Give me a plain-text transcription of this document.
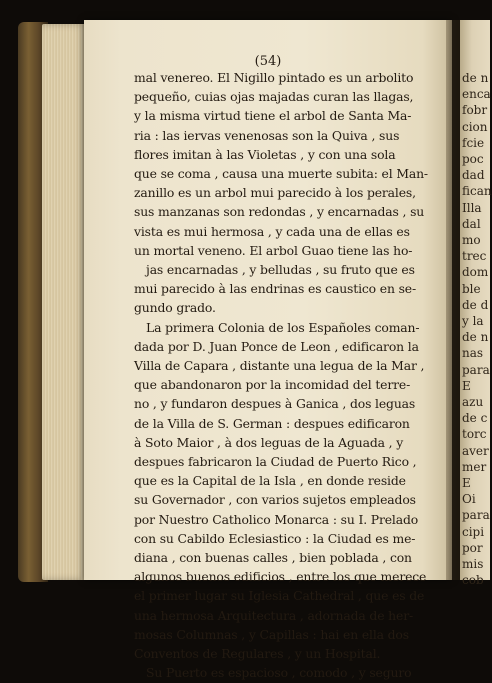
(54)
mal venereo. El Nigillo pintado es un arbolito
pequeño, cuias ojas majadas curan las llagas,
y la misma virtud tiene el arbol de Santa Ma-
ria : las iervas venenosas son la Quiva , sus
flores imitan à las Violetas , y con una sola
que se coma , causa una muerte subita: el Man-
zanillo es un arbol mui parecido à los perales,
sus manzanas son redondas , y encarnadas , su
vista es mui hermosa , y cada una de ellas es
un mortal veneno. El arbol Guao tiene las ho-
jas encarnadas , y belludas , su fruto que es
mui parecido à las endrinas es caustico en se-
gundo grado.
La primera Colonia de los Españoles coman-
dada por D. Juan Ponce de Leon , edificaron la
Villa de Capara , distante una legua de la Mar ,
que abandonaron por la incomidad del terre-
no , y fundaron despues à Ganica , dos leguas
de la Villa de S. German : despues edificaron
à Soto Maior , à dos leguas de la Aguada , y
despues fabricaron la Ciudad de Puerto Rico ,
que es la Capital de la Isla , en donde reside
su Governador , con varios sujetos empleados
por Nuestro Catholico Monarca : su I. Prelado
con su Cabildo Eclesiastico : la Ciudad es me-
diana , con buenas calles , bien poblada , con
algunos buenos edificios , entre los que merece
el primer lugar su Iglesia Cathedral , que es de
una hermosa Arquitectura , adornada de her-
mosas Columnas , y Capillas : hai en ella dos
Conventos de Regulares , y un Hospital.
Su Puerto es espacioso , comodo , y seguro
de n
enca
fobr
cion
fcie
poc
dad
fican
Illa
dal
mo
trec
dom
ble
de d
y la
de n
nas
para
E
azu
de c
torc
aver
mer
E
Oi
para
cipi
por
mis
cob
